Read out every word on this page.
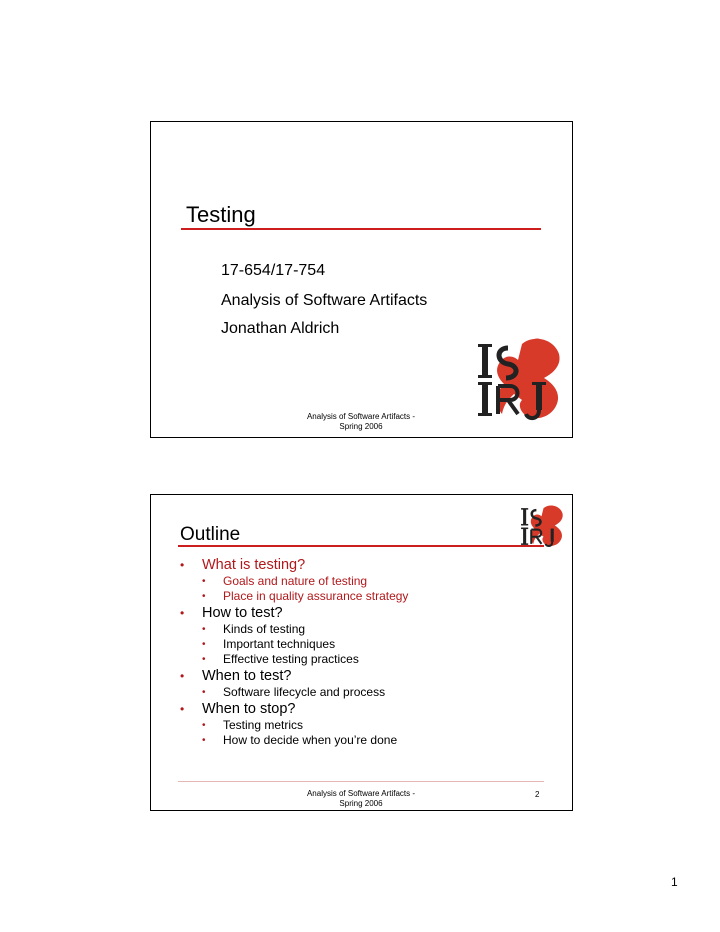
Testing
17-654/17-754
Analysis of Software Artifacts
Jonathan Aldrich
Analysis of Software Artifacts -
Spring 2006
Outline
• What is testing?
• Goals and nature of testing
• Place in quality assurance strategy
• How to test?
• Kinds of testing
• Important techniques
• Effective testing practices
• When to test?
• Software lifecycle and process
• When to stop?
• Testing metrics
• How to decide when you’re done
Analysis of Software Artifacts -
Spring 2006
2
1
